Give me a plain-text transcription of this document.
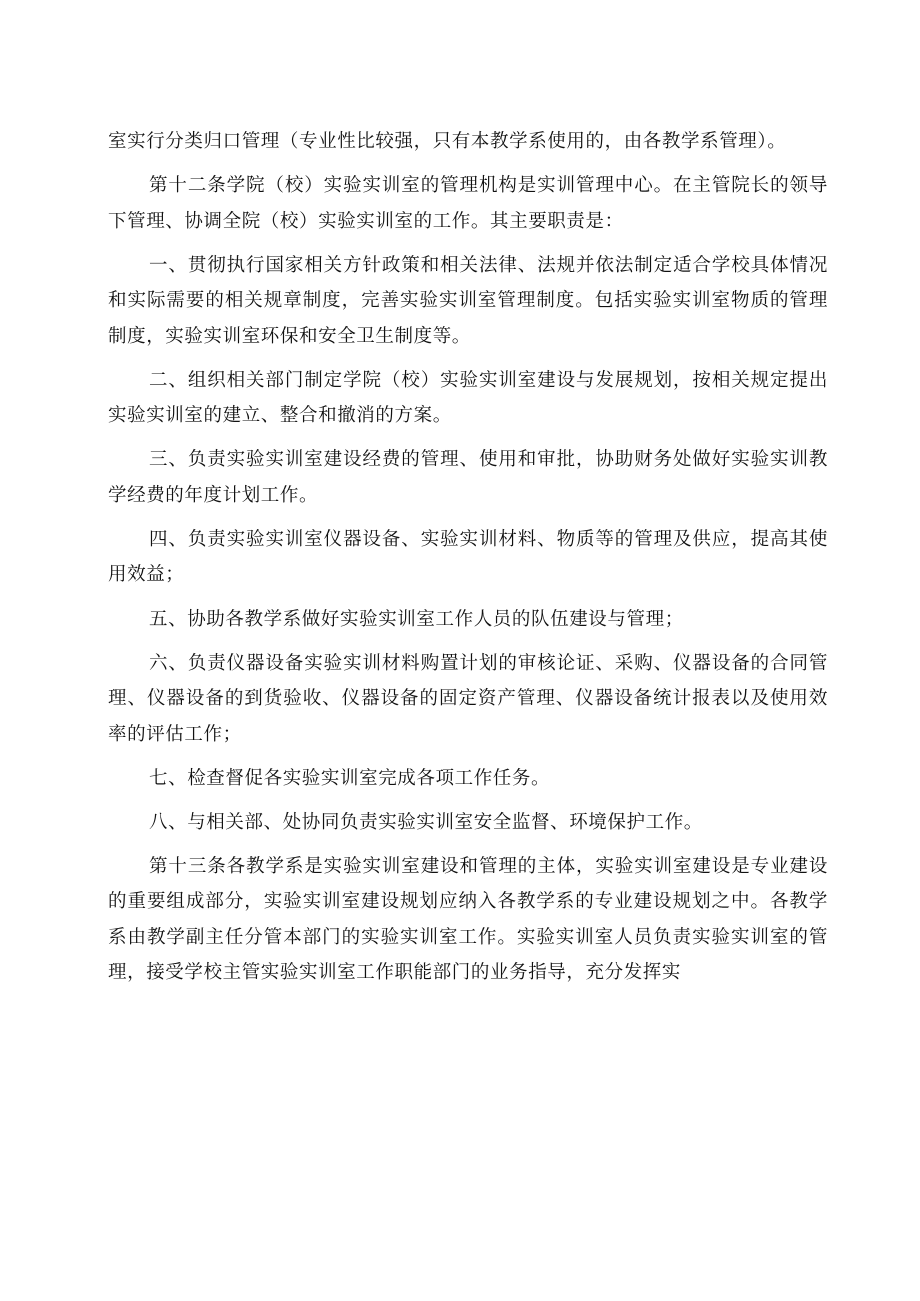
室实行分类归口管理（专业性比较强，只有本教学系使用的，由各教学系管理）。

第十二条学院（校）实验实训室的管理机构是实训管理中心。在主管院长的领导下管理、协调全院（校）实验实训室的工作。其主要职责是：

一、贯彻执行国家相关方针政策和相关法律、法规并依法制定适合学校具体情况和实际需要的相关规章制度，完善实验实训室管理制度。包括实验实训室物质的管理制度，实验实训室环保和安全卫生制度等。

二、组织相关部门制定学院（校）实验实训室建设与发展规划，按相关规定提出实验实训室的建立、整合和撤消的方案。

三、负责实验实训室建设经费的管理、使用和审批，协助财务处做好实验实训教学经费的年度计划工作。

四、负责实验实训室仪器设备、实验实训材料、物质等的管理及供应，提高其使用效益；

五、协助各教学系做好实验实训室工作人员的队伍建设与管理；

六、负责仪器设备实验实训材料购置计划的审核论证、采购、仪器设备的合同管理、仪器设备的到货验收、仪器设备的固定资产管理、仪器设备统计报表以及使用效率的评估工作；

七、检查督促各实验实训室完成各项工作任务。

八、与相关部、处协同负责实验实训室安全监督、环境保护工作。

第十三条各教学系是实验实训室建设和管理的主体，实验实训室建设是专业建设的重要组成部分，实验实训室建设规划应纳入各教学系的专业建设规划之中。各教学系由教学副主任分管本部门的实验实训室工作。实验实训室人员负责实验实训室的管理，接受学校主管实验实训室工作职能部门的业务指导，充分发挥实
